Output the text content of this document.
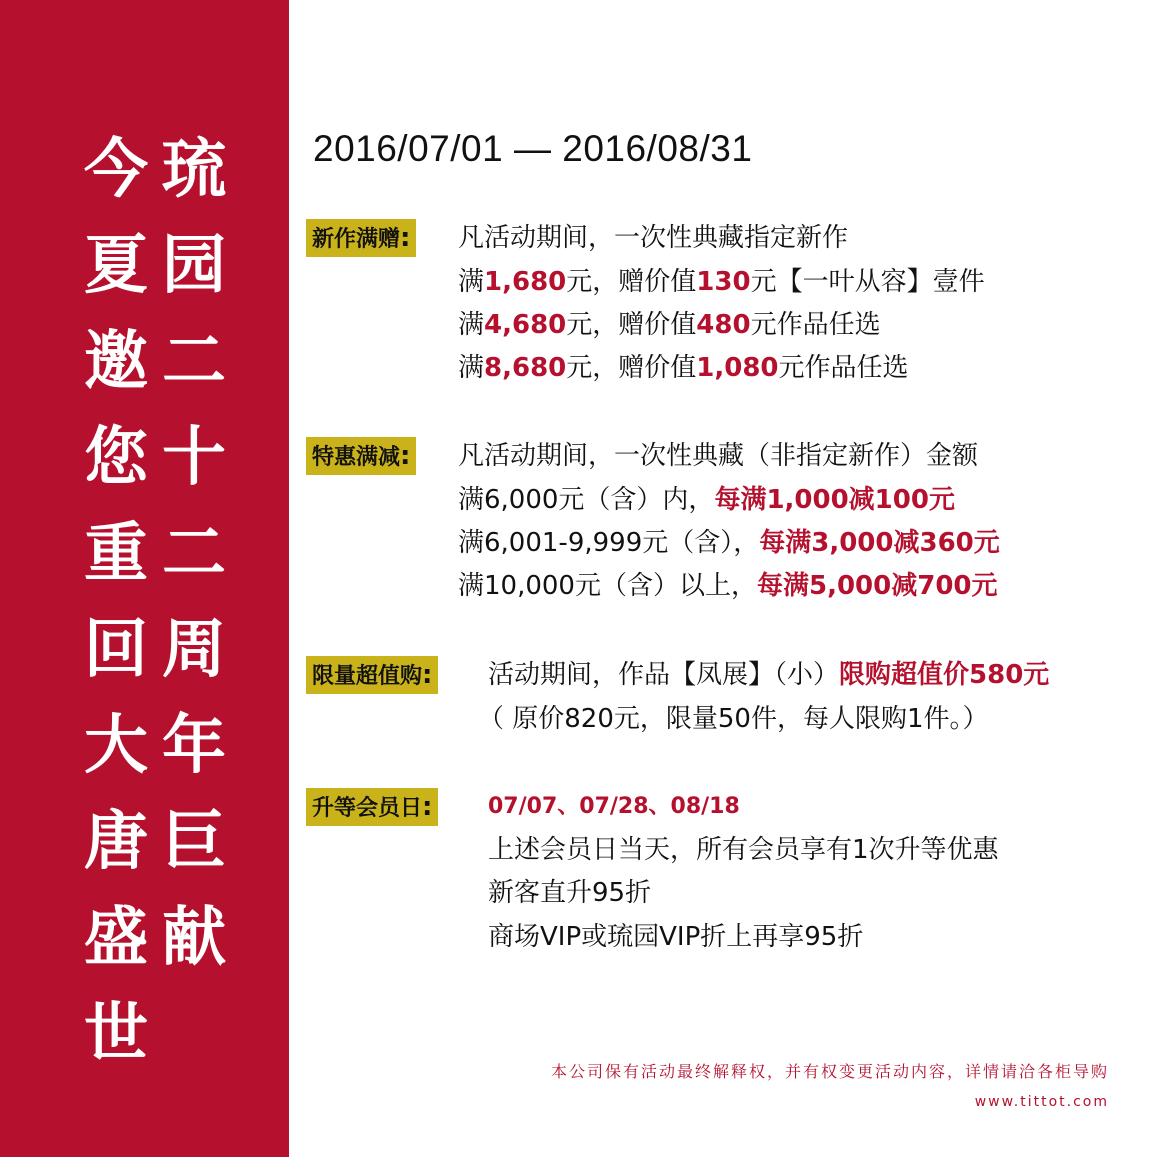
琉
园
二
十
二
周
年
巨
献
今
夏
邀
您
重
回
大
唐
盛
世
2016/07/01 — 2016/08/31
新作满赠: 凡活动期间，一次性典藏指定新作
满1,680元，赠价值130元【一叶从容】壹件
满4,680元，赠价值480元作品任选
满8,680元，赠价值1,080元作品任选
特惠满减: 凡活动期间，一次性典藏（非指定新作）金额
满6,000元（含）内，每满1,000减100元
满6,001-9,999元（含），每满3,000减360元
满10,000元（含）以上，每满5,000减700元
限量超值购: 活动期间，作品【凤展】（小）限购超值价580元
（ 原价820元，限量50件，每人限购1件。）
升等会员日:	07/07、07/28、08/18
上述会员日当天，所有会员享有1次升等优惠
新客直升95折
商场VIP或琉园VIP折上再享95折
本公司保有活动最终解释权，并有权变更活动内容，详情请洽各柜导购
www.tittot.com
